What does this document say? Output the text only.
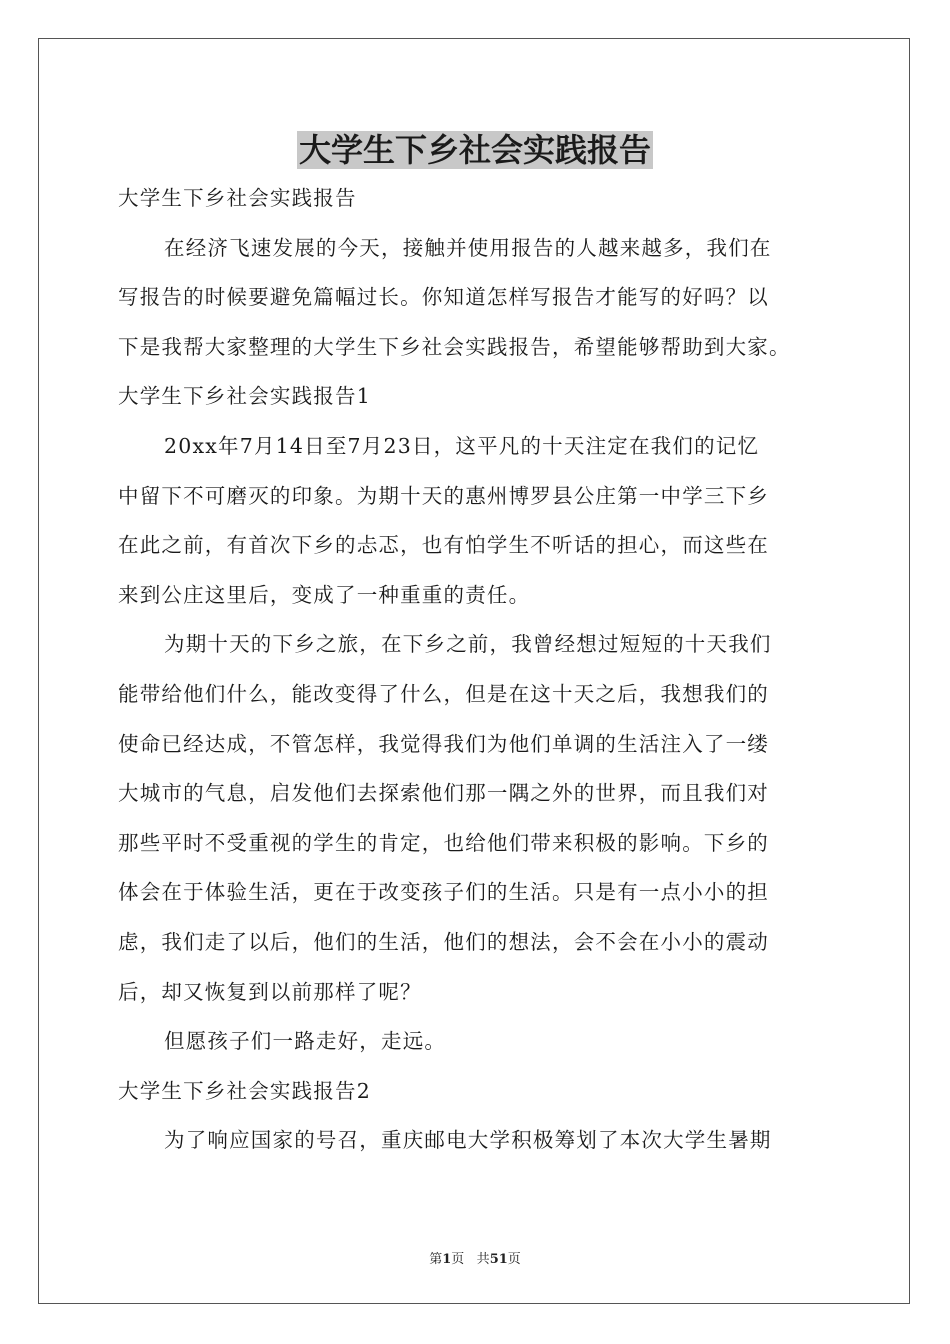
大学生下乡社会实践报告
大学生下乡社会实践报告
在经济飞速发展的今天，接触并使用报告的人越来越多，我们在
写报告的时候要避免篇幅过长。你知道怎样写报告才能写的好吗？以
下是我帮大家整理的大学生下乡社会实践报告，希望能够帮助到大家。
大学生下乡社会实践报告1
20xx年7月14日至7月23日，这平凡的十天注定在我们的记忆
中留下不可磨灭的印象。为期十天的惠州博罗县公庄第一中学三下乡
在此之前，有首次下乡的忐忑，也有怕学生不听话的担心，而这些在
来到公庄这里后，变成了一种重重的责任。
为期十天的下乡之旅，在下乡之前，我曾经想过短短的十天我们
能带给他们什么，能改变得了什么，但是在这十天之后，我想我们的
使命已经达成，不管怎样，我觉得我们为他们单调的生活注入了一缕
大城市的气息，启发他们去探索他们那一隅之外的世界，而且我们对
那些平时不受重视的学生的肯定，也给他们带来积极的影响。下乡的
体会在于体验生活，更在于改变孩子们的生活。只是有一点小小的担
虑，我们走了以后，他们的生活，他们的想法，会不会在小小的震动
后，却又恢复到以前那样了呢？
但愿孩子们一路走好，走远。
大学生下乡社会实践报告2
为了响应国家的号召，重庆邮电大学积极筹划了本次大学生暑期
第1页 共51页
